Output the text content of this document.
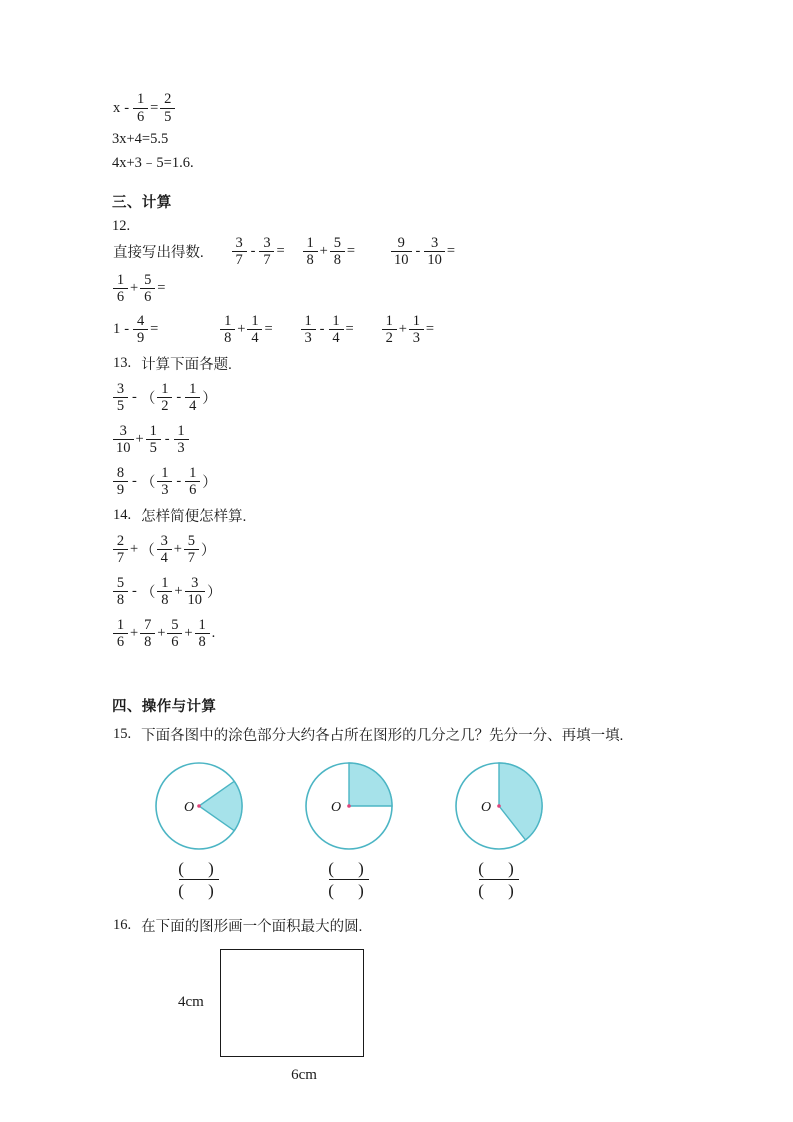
$x - \frac{1}{6} = \frac{2}{5}$

3x+4=5.5

4x+3﹣5=1.6.

三、计算

12.

直接写出得数. $\frac{3}{7} - \frac{3}{7} = \frac{1}{8} + \frac{5}{8} = \frac{9}{10} - \frac{3}{10}$ =
$\frac{1}{6} + \frac{5}{6}$ =
$1 - \frac{4}{9}$ =	$\frac{1}{8} + \frac{1}{4} = \frac{1}{3} - \frac{1}{4} = \frac{1}{2} + \frac{1}{3}$ =
13. 计算下面各题.
$\frac{3}{5}$ - （ $\frac{1}{2} - \frac{1}{4}$ ）
$\frac{3}{10} + \frac{1}{5} - \frac{1}{3}$
$\frac{8}{9}$ - （ $\frac{1}{3} - \frac{1}{6}$ ）
14. 怎样简便怎样算.
$\frac{2}{7}$ + （ $\frac{3}{4} + \frac{5}{7}$ ）
$\frac{5}{8}$ - （ $\frac{1}{8} + \frac{3}{10}$ ）
$\frac{1}{6} + \frac{7}{8} + \frac{5}{6} + \frac{1}{8}$ .

四、操作与计算

15. 下面各图中的涂色部分大约各占所在图形的几分之几？先分一分、再填一填.
O
$\frac{( )}{( )}$
O
$\frac{( )}{( )}$
O
$\frac{( )}{( )}$
16. 在下面的图形画一个面积最大的圆.
4cm
6cm
